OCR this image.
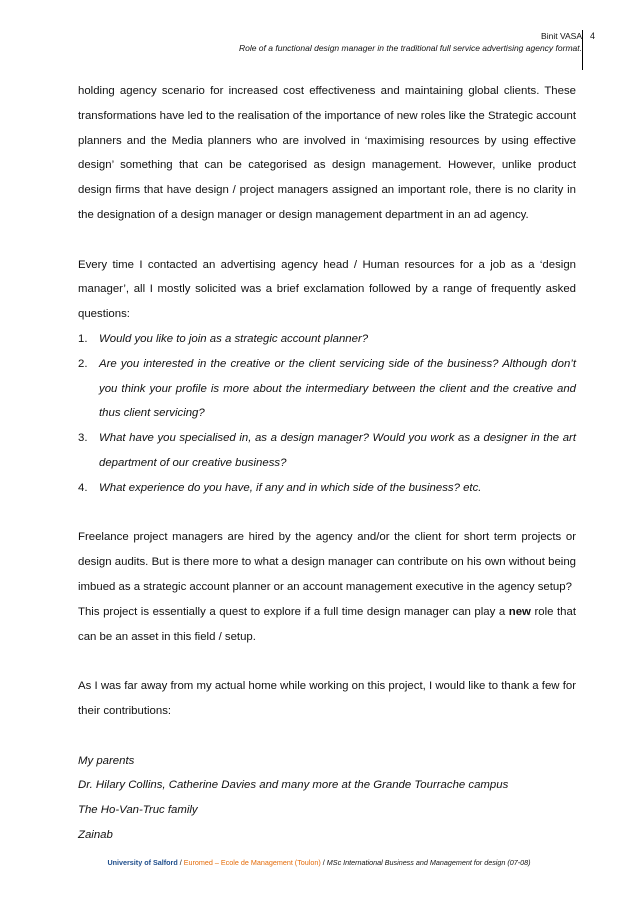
Binit VASA
Role of a functional design manager in the traditional full service advertising agency format.
4

holding agency scenario for increased cost effectiveness and maintaining global clients. These transformations have led to the realisation of the importance of new roles like the Strategic account planners and the Media planners who are involved in ‘maximising resources by using effective design’ something that can be categorised as design management. However, unlike product design firms that have design / project managers assigned an important role, there is no clarity in the designation of a design manager or design management department in an ad agency.

Every time I contacted an advertising agency head / Human resources for a job as a ‘design manager’, all I mostly solicited was a brief exclamation followed by a range of frequently asked questions:

1. Would you like to join as a strategic account planner?
2. Are you interested in the creative or the client servicing side of the business? Although don’t you think your profile is more about the intermediary between the client and the creative and thus client servicing?
3. What have you specialised in, as a design manager? Would you work as a designer in the art department of our creative business?
4. What experience do you have, if any and in which side of the business? etc.

Freelance project managers are hired by the agency and/or the client for short term projects or design audits. But is there more to what a design manager can contribute on his own without being imbued as a strategic account planner or an account management executive in the agency setup?

This project is essentially a quest to explore if a full time design manager can play a new role that can be an asset in this field / setup.

As I was far away from my actual home while working on this project, I would like to thank a few for their contributions:

My parents

Dr. Hilary Collins, Catherine Davies and many more at the Grande Tourrache campus

The Ho-Van-Truc family

Zainab

University of Salford / Euromed – Ecole de Management (Toulon) / MSc International Business and Management for design (07-08)
